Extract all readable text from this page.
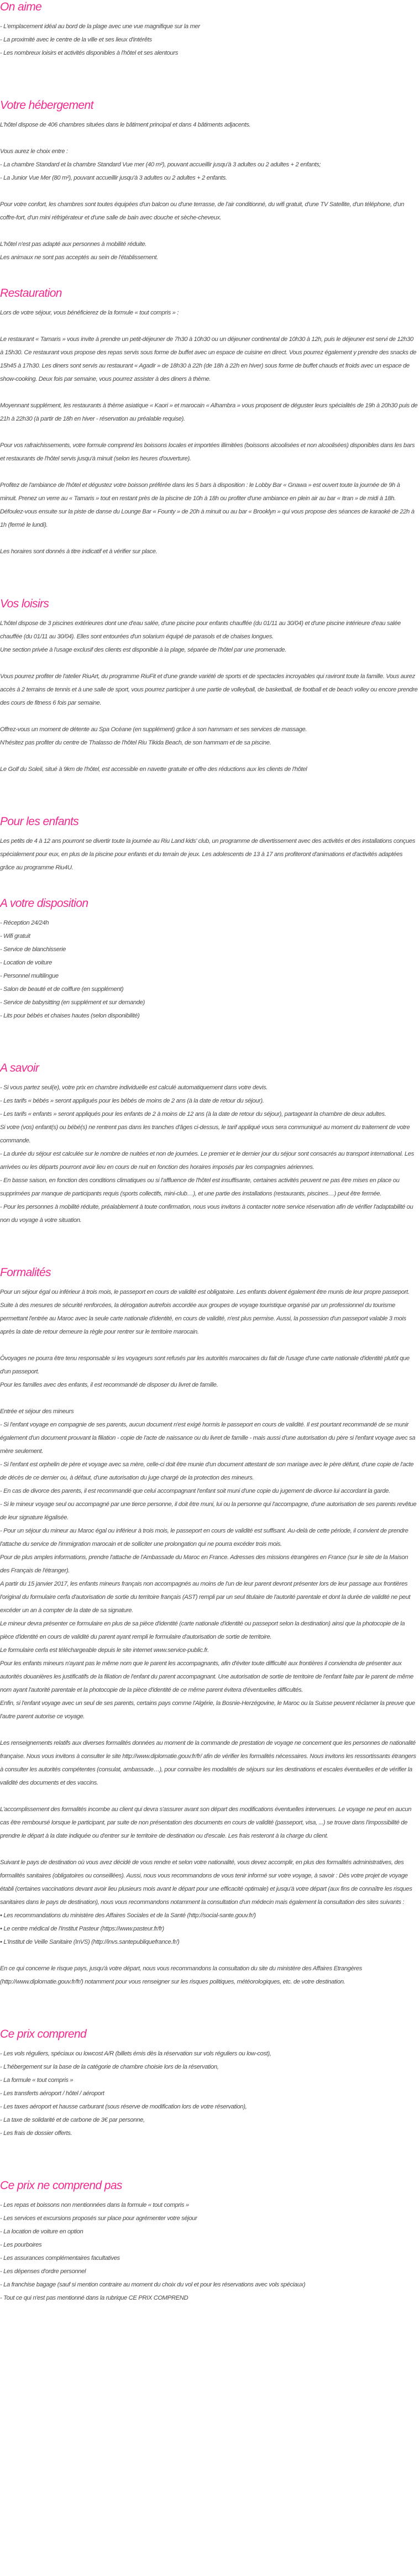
On aime
- L'emplacement idéal au bord de la plage avec une vue magnifique sur la mer
- La proximité avec le centre de la ville et ses lieux d'intérêts
- Les nombreux loisirs et activités disponibles à l'hôtel et ses alentours
Votre hébergement

L'hôtel dispose de 406 chambres situées dans le bâtiment principal et dans 4 bâtiments adjacents.

Vous aurez le choix entre :

- La chambre Standard et la chambre Standard Vue mer (40 m²), pouvant accueillir jusqu'à 3 adultes ou 2 adultes + 2 enfants;

- La Junior Vue Mer (80 m²), pouvant accueillir jusqu'à 3 adultes ou 2 adultes + 2 enfants.

Pour votre confort, les chambres sont toutes équipées d'un balcon ou d'une terrasse, de l'air conditionné, du wifi gratuit, d'une TV Satellite, d'un téléphone, d'un coffre-fort, d'un mini réfrigérateur et d'une salle de bain avec douche et sèche-cheveux.

L'hôtel n'est pas adapté aux personnes à mobilité réduite.

Les animaux ne sont pas acceptés au sein de l'établissement.

Restauration

Lors de votre séjour, vous bénéficierez de la formule « tout compris » :

Le restaurant « Tamaris » vous invite à prendre un petit-déjeuner de 7h30 à 10h30 ou un déjeuner continental de 10h30 à 12h, puis le déjeuner est servi de 12h30 à 15h30. Ce restaurant vous propose des repas servis sous forme de buffet avec un espace de cuisine en direct. Vous pourrez également y prendre des snacks de 15h45 à 17h30. Les diners sont servis au restaurant « Agadir » de 18h30 à 22h (de 18h à 22h en hiver) sous forme de buffet chauds et froids avec un espace de show-cooking. Deux fois par semaine, vous pourrez assister à des diners à thème.

Moyennant supplément, les restaurants à thème asiatique « Kaori » et marocain « Alhambra » vous proposent de déguster leurs spécialités de 19h à 20h30 puis de 21h à 22h30 (à partir de 18h en hiver - réservation au préalable requise).

Pour vos rafraichissements, votre formule comprend les boissons locales et importées illimitées (boissons alcoolisées et non alcoolisées) disponibles dans les bars et restaurants de l'hôtel servis jusqu'à minuit (selon les heures d'ouverture).

Profitez de l'ambiance de l'hôtel et dégustez votre boisson préférée dans les 5 bars à disposition : le Lobby Bar « Gnawa » est ouvert toute la journée de 9h à minuit. Prenez un verre au « Tamaris » tout en restant près de la piscine de 10h à 18h ou profiter d'une ambiance en plein air au bar « Itran » de midi à 18h. Défoulez-vous ensuite sur la piste de danse du Lounge Bar « Founty » de 20h à minuit ou au bar « Brooklyn » qui vous propose des séances de karaoké de 22h à 1h (fermé le lundi).

Les horaires sont donnés à titre indicatif et à vérifier sur place.

Vos loisirs

L'hôtel dispose de 3 piscines extérieures dont une d'eau salée, d'une piscine pour enfants chauffée (du 01/11 au 30/04) et d'une piscine intérieure d'eau salée chauffée (du 01/11 au 30/04). Elles sont entourées d'un solarium équipé de parasols et de chaises longues.

Une section privée à l'usage exclusif des clients est disponible à la plage, séparée de l'hôtel par une promenade.

Vous pourrez profiter de l'atelier RiuArt, du programme RiuFit et d'une grande variété de sports et de spectacles incroyables qui raviront toute la famille. Vous aurez accès à 2 terrains de tennis et à une salle de sport, vous pourrez participer à une partie de volleyball, de basketball, de football et de beach volley ou encore prendre des cours de fitness 6 fois par semaine.

Offrez-vous un moment de détente au Spa Océane (en supplément) grâce à son hammam et ses services de massage.

N'hésitez pas profiter du centre de Thalasso de l'hôtel Riu Tikida Beach, de son hammam et de sa piscine.

Le Golf du Soleil, situé à 9km de l'hôtel, est accessible en navette gratuite et offre des réductions aux les clients de l'hôtel

Pour les enfants

Les petits de 4 à 12 ans pourront se divertir toute la journée au Riu Land kids' club, un programme de divertissement avec des activités et des installations conçues spécialement pour eux, en plus de la piscine pour enfants et du terrain de jeux. Les adolescents de 13 à 17 ans profiteront d'animations et d'activités adaptées grâce au programme Riu4U.

A votre disposition
- Réception 24/24h
- Wifi gratuit
- Service de blanchisserie
- Location de voiture
- Personnel multilingue
- Salon de beauté et de coiffure (en supplément)
- Service de babysitting (en supplément et sur demande)
- Lits pour bébés et chaises hautes (selon disponibilité)
A savoir

- Si vous partez seul(e), votre prix en chambre individuelle est calculé automatiquement dans votre devis.

- Les tarifs « bébés » seront appliqués pour les bébés de moins de 2 ans (à la date de retour du séjour).

- Les tarifs « enfants » seront appliqués pour les enfants de 2 à moins de 12 ans (à la date de retour du séjour), partageant la chambre de deux adultes.

Si votre (vos) enfant(s) ou bébé(s) ne rentrent pas dans les tranches d'âges ci-dessus, le tarif appliqué vous sera communiqué au moment du traitement de votre commande.

- La durée du séjour est calculée sur le nombre de nuitées et non de journées. Le premier et le dernier jour du séjour sont consacrés au transport international. Les arrivées ou les départs pourront avoir lieu en cours de nuit en fonction des horaires imposés par les compagnies aériennes.

- En basse saison, en fonction des conditions climatiques ou si l'affluence de l'hôtel est insuffisante, certaines activités peuvent ne pas être mises en place ou supprimées par manque de participants requis (sports collectifs, mini-club…), et une partie des installations (restaurants, piscines…) peut être fermée.

- Pour les personnes à mobilité réduite, préalablement à toute confirmation, nous vous invitons à contacter notre service réservation afin de vérifier l'adaptabilité ou non du voyage à votre situation.

Formalités

Pour un séjour égal ou inférieur à trois mois, le passeport en cours de validité est obligatoire. Les enfants doivent également être munis de leur propre passeport.

Suite à des mesures de sécurité renforcées, la dérogation autrefois accordée aux groupes de voyage touristique organisé par un professionnel du tourisme permettant l'entrée au Maroc avec la seule carte nationale d'identité, en cours de validité, n'est plus permise. Aussi, la possession d'un passeport valable 3 mois après la date de retour demeure la règle pour rentrer sur le territoire marocain.

Ôvoyages ne pourra être tenu responsable si les voyageurs sont refusés par les autorités marocaines du fait de l'usage d'une carte nationale d'identité plutôt que d'un passeport.

Pour les familles avec des enfants, il est recommandé de disposer du livret de famille.

Entrée et séjour des mineurs

- Si l'enfant voyage en compagnie de ses parents, aucun document n'est exigé hormis le passeport en cours de validité. Il est pourtant recommandé de se munir également d'un document prouvant la filiation - copie de l'acte de naissance ou du livret de famille - mais aussi d'une autorisation du père si l'enfant voyage avec sa mère seulement.

- Si l'enfant est orphelin de père et voyage avec sa mère, celle-ci doit être munie d'un document attestant de son mariage avec le père défunt, d'une copie de l'acte de décès de ce dernier ou, à défaut, d'une autorisation du juge chargé de la protection des mineurs.

- En cas de divorce des parents, il est recommandé que celui accompagnant l'enfant soit muni d'une copie du jugement de divorce lui accordant la garde.

- Si le mineur voyage seul ou accompagné par une tierce personne, il doit être muni, lui ou la personne qui l'accompagne, d'une autorisation de ses parents revêtue de leur signature légalisée.

- Pour un séjour du mineur au Maroc égal ou inférieur à trois mois, le passeport en cours de validité est suffisant. Au-delà de cette période, il convient de prendre l'attache du service de l'immigration marocain et de solliciter une prolongation qui ne pourra excéder trois mois.

Pour de plus amples informations, prendre l'attache de l'Ambassade du Maroc en France. Adresses des missions étrangères en France (sur le site de la Maison des Français de l'étranger).

A partir du 15 janvier 2017, les enfants mineurs français non accompagnés au moins de l'un de leur parent devront présenter lors de leur passage aux frontières l'original du formulaire cerfa d'autorisation de sortie du territoire français (AST) rempli par un seul titulaire de l'autorité parentale et dont la durée de validité ne peut excéder un an à compter de la date de sa signature.

Le mineur devra présenter ce formulaire en plus de sa pièce d'identité (carte nationale d'identité ou passeport selon la destination) ainsi que la photocopie de la pièce d'identité en cours de validité du parent ayant rempli le formulaire d'autorisation de sortie de territoire.

Le formulaire cerfa est téléchargeable depuis le site internet www.service-public.fr.

Pour les enfants mineurs n'ayant pas le même nom que le parent les accompagnants, afin d'éviter toute difficulté aux frontières il conviendra de présenter aux autorités douanières les justificatifs de la filiation de l'enfant du parent accompagnant. Une autorisation de sortie de territoire de l'enfant faite par le parent de même nom ayant l'autorité parentale et la photocopie de la pièce d'identité de ce même parent évitera d'éventuelles difficultés.

Enfin, si l'enfant voyage avec un seul de ses parents, certains pays comme l'Algérie, la Bosnie-Herzégovine, le Maroc ou la Suisse peuvent réclamer la preuve que l'autre parent autorise ce voyage.

Les renseignements relatifs aux diverses formalités données au moment de la commande de prestation de voyage ne concernent que les personnes de nationalité française. Nous vous invitons à consulter le site http://www.diplomatie.gouv.fr/fr/ afin de vérifier les formalités nécessaires. Nous invitons les ressortissants étrangers à consulter les autorités compétentes (consulat, ambassade…), pour connaître les modalités de séjours sur les destinations et escales éventuelles et de vérifier la validité des documents et des vaccins.

L'accomplissement des formalités incombe au client qui devra s'assurer avant son départ des modifications éventuelles intervenues. Le voyage ne peut en aucun cas être remboursé lorsque le participant, par suite de non présentation des documents en cours de validité (passeport, visa, ...) se trouve dans l'impossibilité de prendre le départ à la date indiquée ou d'entrer sur le territoire de destination ou d'escale. Les frais resteront à la charge du client.

Suivant le pays de destination où vous avez décidé de vous rendre et selon votre nationalité, vous devez accomplir, en plus des formalités administratives, des formalités sanitaires (obligatoires ou conseillées). Aussi, nous vous recommandons de vous tenir informé sur votre voyage, à savoir : Dès votre projet de voyage établi (certaines vaccinations devant avoir lieu plusieurs mois avant le départ pour une efficacité optimale) et jusqu'à votre départ (aux fins de connaître les risques sanitaires dans le pays de destination), nous vous recommandons notamment la consultation d'un médecin mais également la consultation des sites suivants :

• Les recommandations du ministère des Affaires Sociales et de la Santé (http://social-sante.gouv.fr/)

• Le centre médical de l'Institut Pasteur (https://www.pasteur.fr/fr)

• L'Institut de Veille Sanitaire (InVS) (http://invs.santepubliquefrance.fr/)

En ce qui concerne le risque pays, jusqu'à votre départ, nous vous recommandons la consultation du site du ministère des Affaires Etrangères (http://www.diplomatie.gouv.fr/fr/) notamment pour vous renseigner sur les risques politiques, météorologiques, etc. de votre destination.

Ce prix comprend
- Les vols réguliers, spéciaux ou lowcost A/R (billets émis dès la réservation sur vols réguliers ou low-cost),
- L'hébergement sur la base de la catégorie de chambre choisie lors de la réservation,
- La formule « tout compris »
- Les transferts aéroport / hôtel / aéroport
- Les taxes aéroport et hausse carburant (sous réserve de modification lors de votre réservation),
- La taxe de solidarité et de carbone de 3€ par personne,
- Les frais de dossier offerts.
Ce prix ne comprend pas
- Les repas et boissons non mentionnées dans la formule « tout compris »
- Les services et excursions proposés sur place pour agrémenter votre séjour
- La location de voiture en option
- Les pourboires
- Les assurances complémentaires facultatives
- Les dépenses d'ordre personnel
- La franchise bagage (sauf si mention contraire au moment du choix du vol et pour les réservations avec vols spéciaux)
- Tout ce qui n'est pas mentionné dans la rubrique CE PRIX COMPREND
